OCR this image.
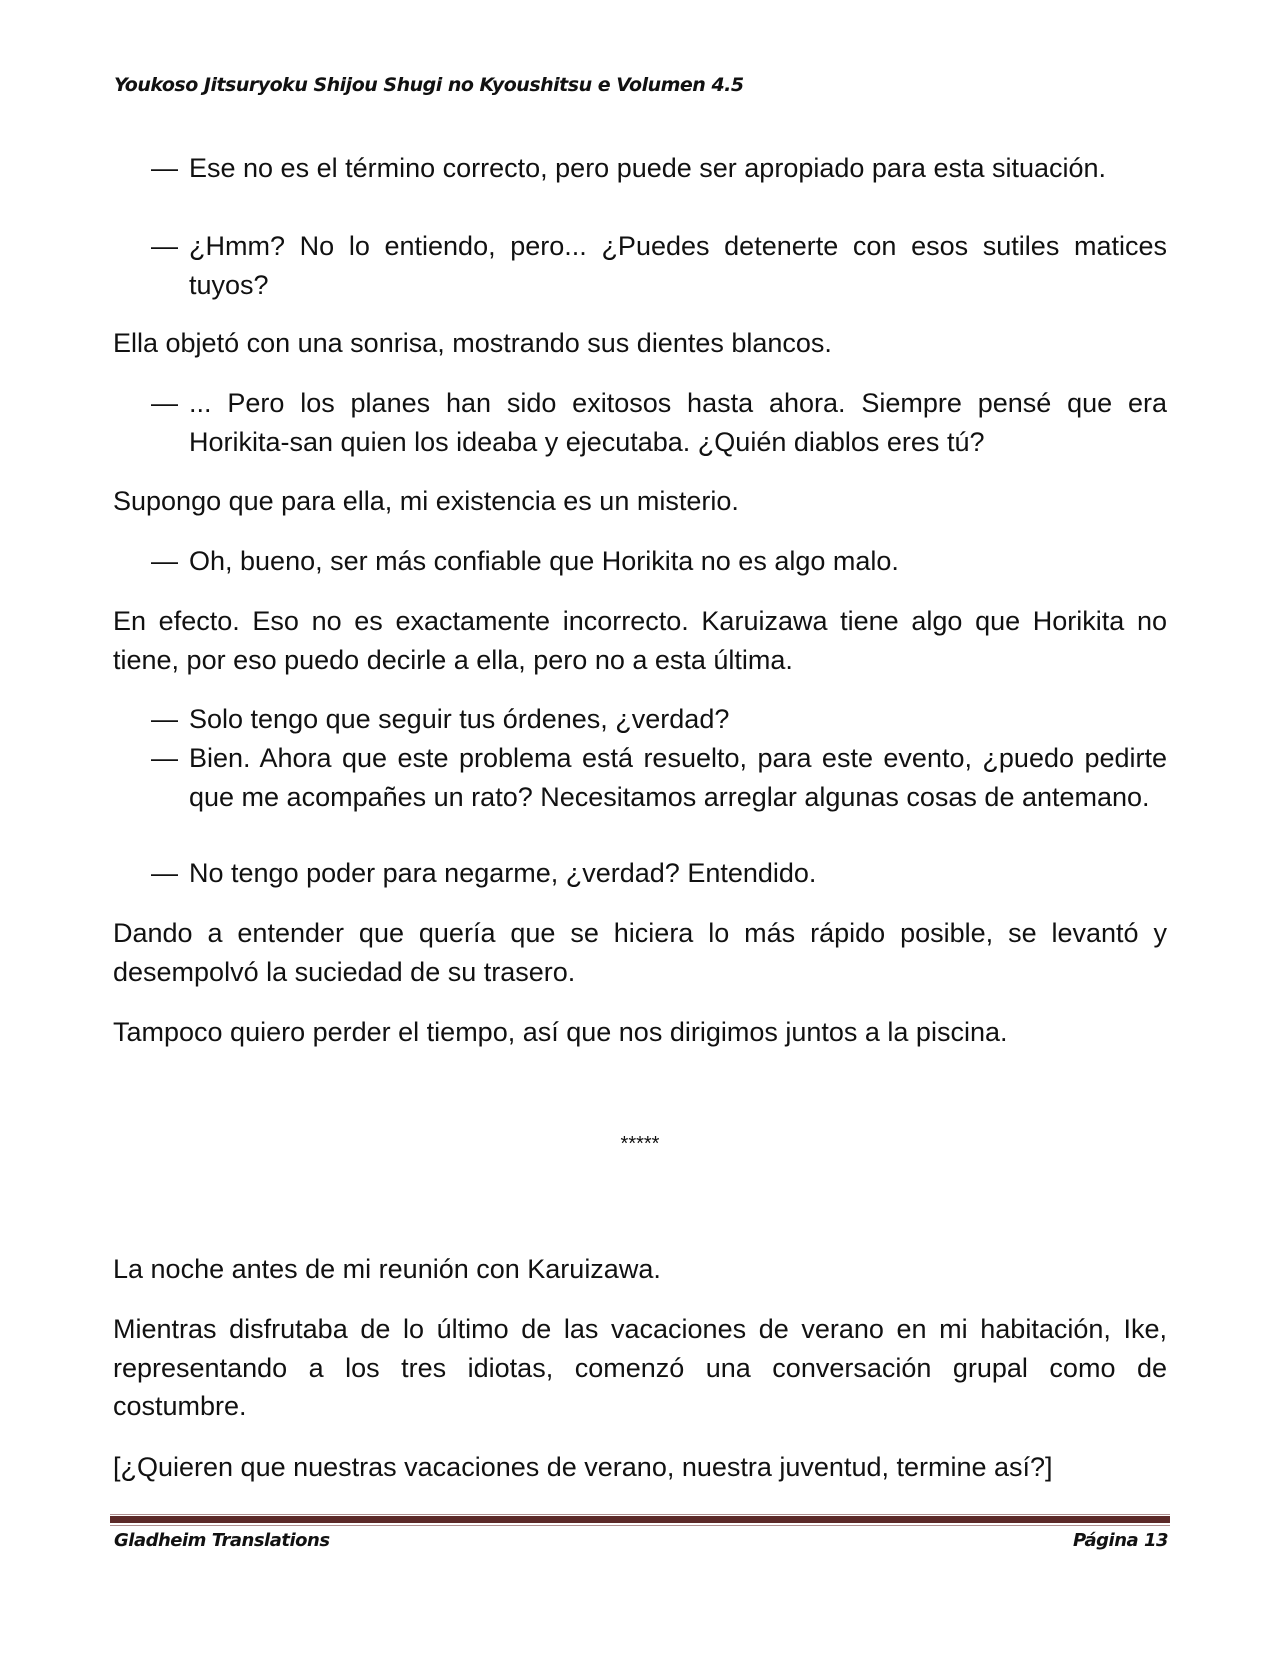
Youkoso Jitsuryoku Shijou Shugi no Kyoushitsu e Volumen 4.5
— Ese no es el término correcto, pero puede ser apropiado para esta situación.
— ¿Hmm? No lo entiendo, pero... ¿Puedes detenerte con esos sutiles matices tuyos?
Ella objetó con una sonrisa, mostrando sus dientes blancos.
— ... Pero los planes han sido exitosos hasta ahora. Siempre pensé que era Horikita-san quien los ideaba y ejecutaba. ¿Quién diablos eres tú?
Supongo que para ella, mi existencia es un misterio.
— Oh, bueno, ser más confiable que Horikita no es algo malo.
En efecto. Eso no es exactamente incorrecto. Karuizawa tiene algo que Horikita no tiene, por eso puedo decirle a ella, pero no a esta última.
— Solo tengo que seguir tus órdenes, ¿verdad?
— Bien. Ahora que este problema está resuelto, para este evento, ¿puedo pedirte que me acompañes un rato? Necesitamos arreglar algunas cosas de antemano.
— No tengo poder para negarme, ¿verdad? Entendido.
Dando a entender que quería que se hiciera lo más rápido posible, se levantó y desempolvó la suciedad de su trasero.
Tampoco quiero perder el tiempo, así que nos dirigimos juntos a la piscina.
*****
La noche antes de mi reunión con Karuizawa.
Mientras disfrutaba de lo último de las vacaciones de verano en mi habitación, Ike, representando a los tres idiotas, comenzó una conversación grupal como de costumbre.
[¿Quieren que nuestras vacaciones de verano, nuestra juventud, termine así?]
Gladheim Translations	Página 13
